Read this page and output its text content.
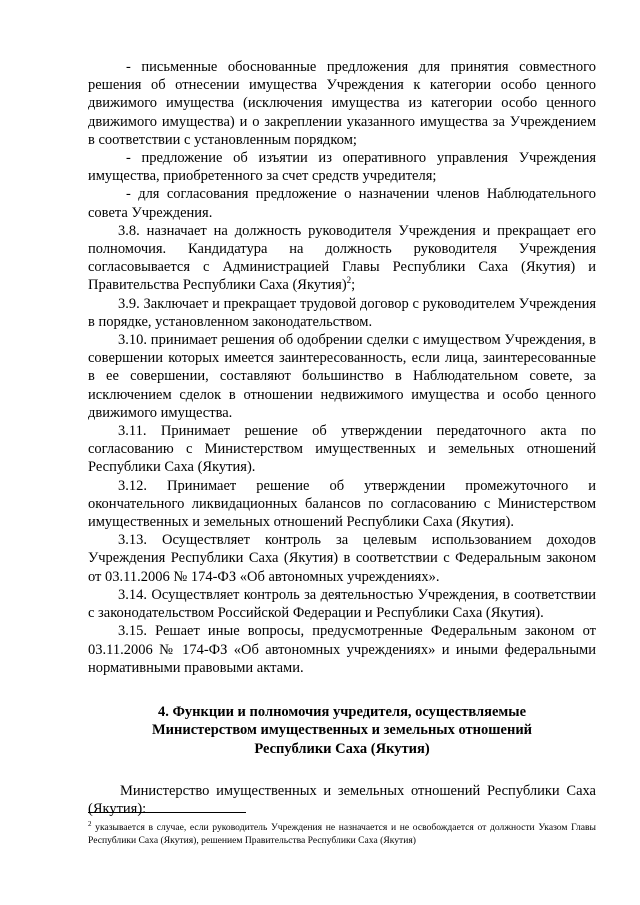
- письменные обоснованные предложения для принятия совместного решения об отнесении имущества Учреждения к категории особо ценного движимого имущества (исключения имущества из категории особо ценного движимого имущества) и о закреплении указанного имущества за Учреждением в соответствии с установленным порядком;

- предложение об изъятии из оперативного управления Учреждения имущества, приобретенного за счет средств учредителя;

- для согласования предложение о назначении членов Наблюдательного совета Учреждения.

3.8. назначает на должность руководителя Учреждения и прекращает его полномочия. Кандидатура на должность руководителя Учреждения согласовывается с Администрацией Главы Республики Саха (Якутия) и Правительства Республики Саха (Якутия)$^2$;

3.9. Заключает и прекращает трудовой договор с руководителем Учреждения в порядке, установленном законодательством.

3.10. принимает решения об одобрении сделки с имуществом Учреждения, в совершении которых имеется заинтересованность, если лица, заинтересованные в ее совершении, составляют большинство в Наблюдательном совете, за исключением сделок в отношении недвижимого имущества и особо ценного движимого имущества.

3.11. Принимает решение об утверждении передаточного акта по согласованию с Министерством имущественных и земельных отношений Республики Саха (Якутия).

3.12. Принимает решение об утверждении промежуточного и окончательного ликвидационных балансов по согласованию с Министерством имущественных и земельных отношений Республики Саха (Якутия).

3.13. Осуществляет контроль за целевым использованием доходов Учреждения Республики Саха (Якутия) в соответствии с Федеральным законом от 03.11.2006 № 174-ФЗ «Об автономных учреждениях».

3.14. Осуществляет контроль за деятельностью Учреждения, в соответствии с законодательством Российской Федерации и Республики Саха (Якутия).

3.15. Решает иные вопросы, предусмотренные Федеральным законом от 03.11.2006 № 174-ФЗ «Об автономных учреждениях» и иными федеральными нормативными правовыми актами.

4. Функции и полномочия учредителя, осуществляемые
Министерством имущественных и земельных отношений
Республики Саха (Якутия)

Министерство имущественных и земельных отношений Республики Саха (Якутия):

$^2$ указывается в случае, если руководитель Учреждения не назначается и не освобождается от должности Указом Главы Республики Саха (Якутия), решением Правительства Республики Саха (Якутия)
